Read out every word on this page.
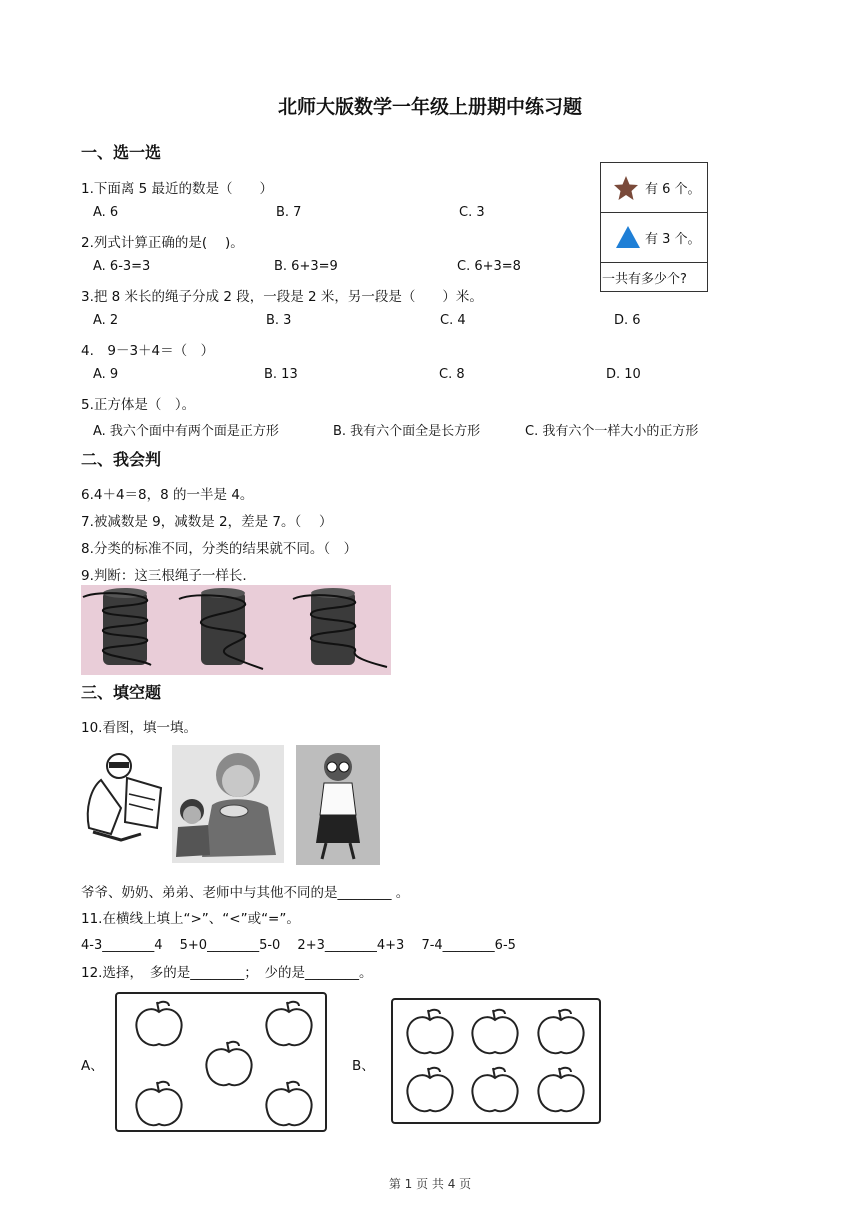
北师大版数学一年级上册期中练习题
一、选一选
1.下面离 5 最近的数是（　　）
A. 6	B. 7	C. 3
2.列式计算正确的是(　 )。
A. 6-3=3	B. 6+3=9	C. 6+3=8
3.把 8 米长的绳子分成 2 段，一段是 2 米，另一段是（　　）米。
A. 2	B. 3	C. 4	D. 6
4.　9－3＋4＝（　）
A. 9	B. 13	C. 8	D. 10
5.正方体是（　）。
A. 我六个面中有两个面是正方形	B. 我有六个面全是长方形	C. 我有六个一样大小的正方形
有 6 个。
有 3 个。
一共有多少个?
二、我会判
6.4＋4＝8，8 的一半是 4。
7.被减数是 9，减数是 2，差是 7。（　 ）
8.分类的标准不同，分类的结果就不同。（　）
9.判断：这三根绳子一样长.
三、填空题
10.看图，填一填。
爷爷、奶奶、弟弟、老师中与其他不同的是________ 。
11.在横线上填上“>”、“<”或“=”。
4-3________4　 5+0________5-0　 2+3________4+3　 7-4________6-5
12.选择，　多的是________；　少的是________。
A、	B、
第 1 页 共 4 页
